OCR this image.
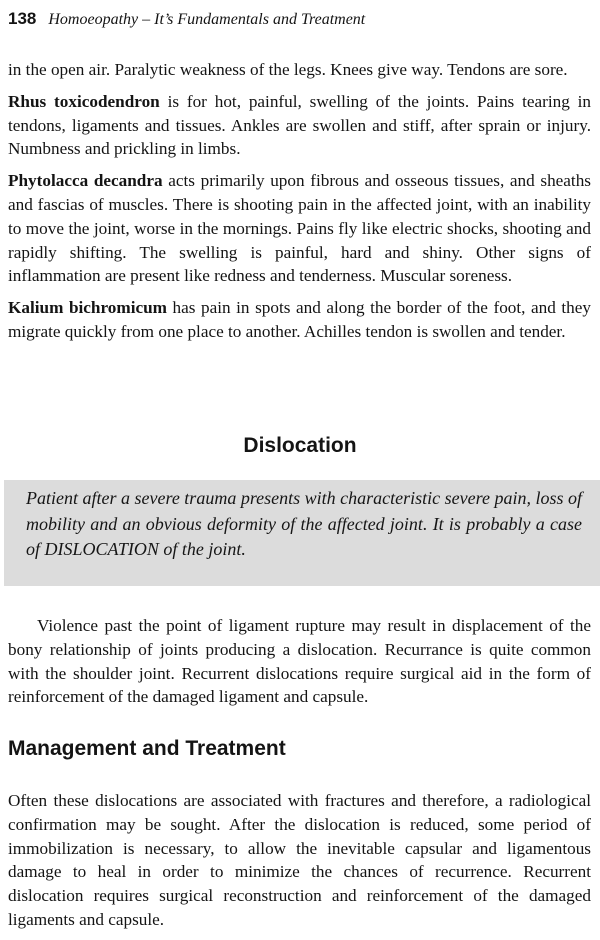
138 Homoeopathy – It’s Fundamentals and Treatment

in the open air. Paralytic weakness of the legs. Knees give way. Tendons are sore.

Rhus toxicodendron is for hot, painful, swelling of the joints. Pains tearing in tendons, ligaments and tissues. Ankles are swollen and stiff, after sprain or injury. Numbness and prickling in limbs.

Phytolacca decandra acts primarily upon fibrous and osseous tissues, and sheaths and fascias of muscles. There is shooting pain in the affected joint, with an inability to move the joint, worse in the mornings. Pains fly like electric shocks, shooting and rapidly shifting. The swelling is painful, hard and shiny. Other signs of inflammation are present like redness and tenderness. Muscular soreness.

Kalium bichromicum has pain in spots and along the border of the foot, and they migrate quickly from one place to another. Achilles tendon is swollen and tender.

Dislocation
Patient after a severe trauma presents with characteristic severe pain, loss of mobility and an obvious deformity of the affected joint. It is probably a case of DISLOCATION of the joint.

Violence past the point of ligament rupture may result in displacement of the bony relationship of joints producing a dislocation. Recurrance is quite common with the shoulder joint. Recurrent dislocations require surgical aid in the form of reinforcement of the damaged ligament and capsule.

Management and Treatment

Often these dislocations are associated with fractures and therefore, a radiological confirmation may be sought. After the dislocation is reduced, some period of immobilization is necessary, to allow the inevitable capsular and ligamentous damage to heal in order to minimize the chances of recurrence. Recurrent dislocation requires surgical reconstruction and reinforcement of the damaged ligaments and capsule.
